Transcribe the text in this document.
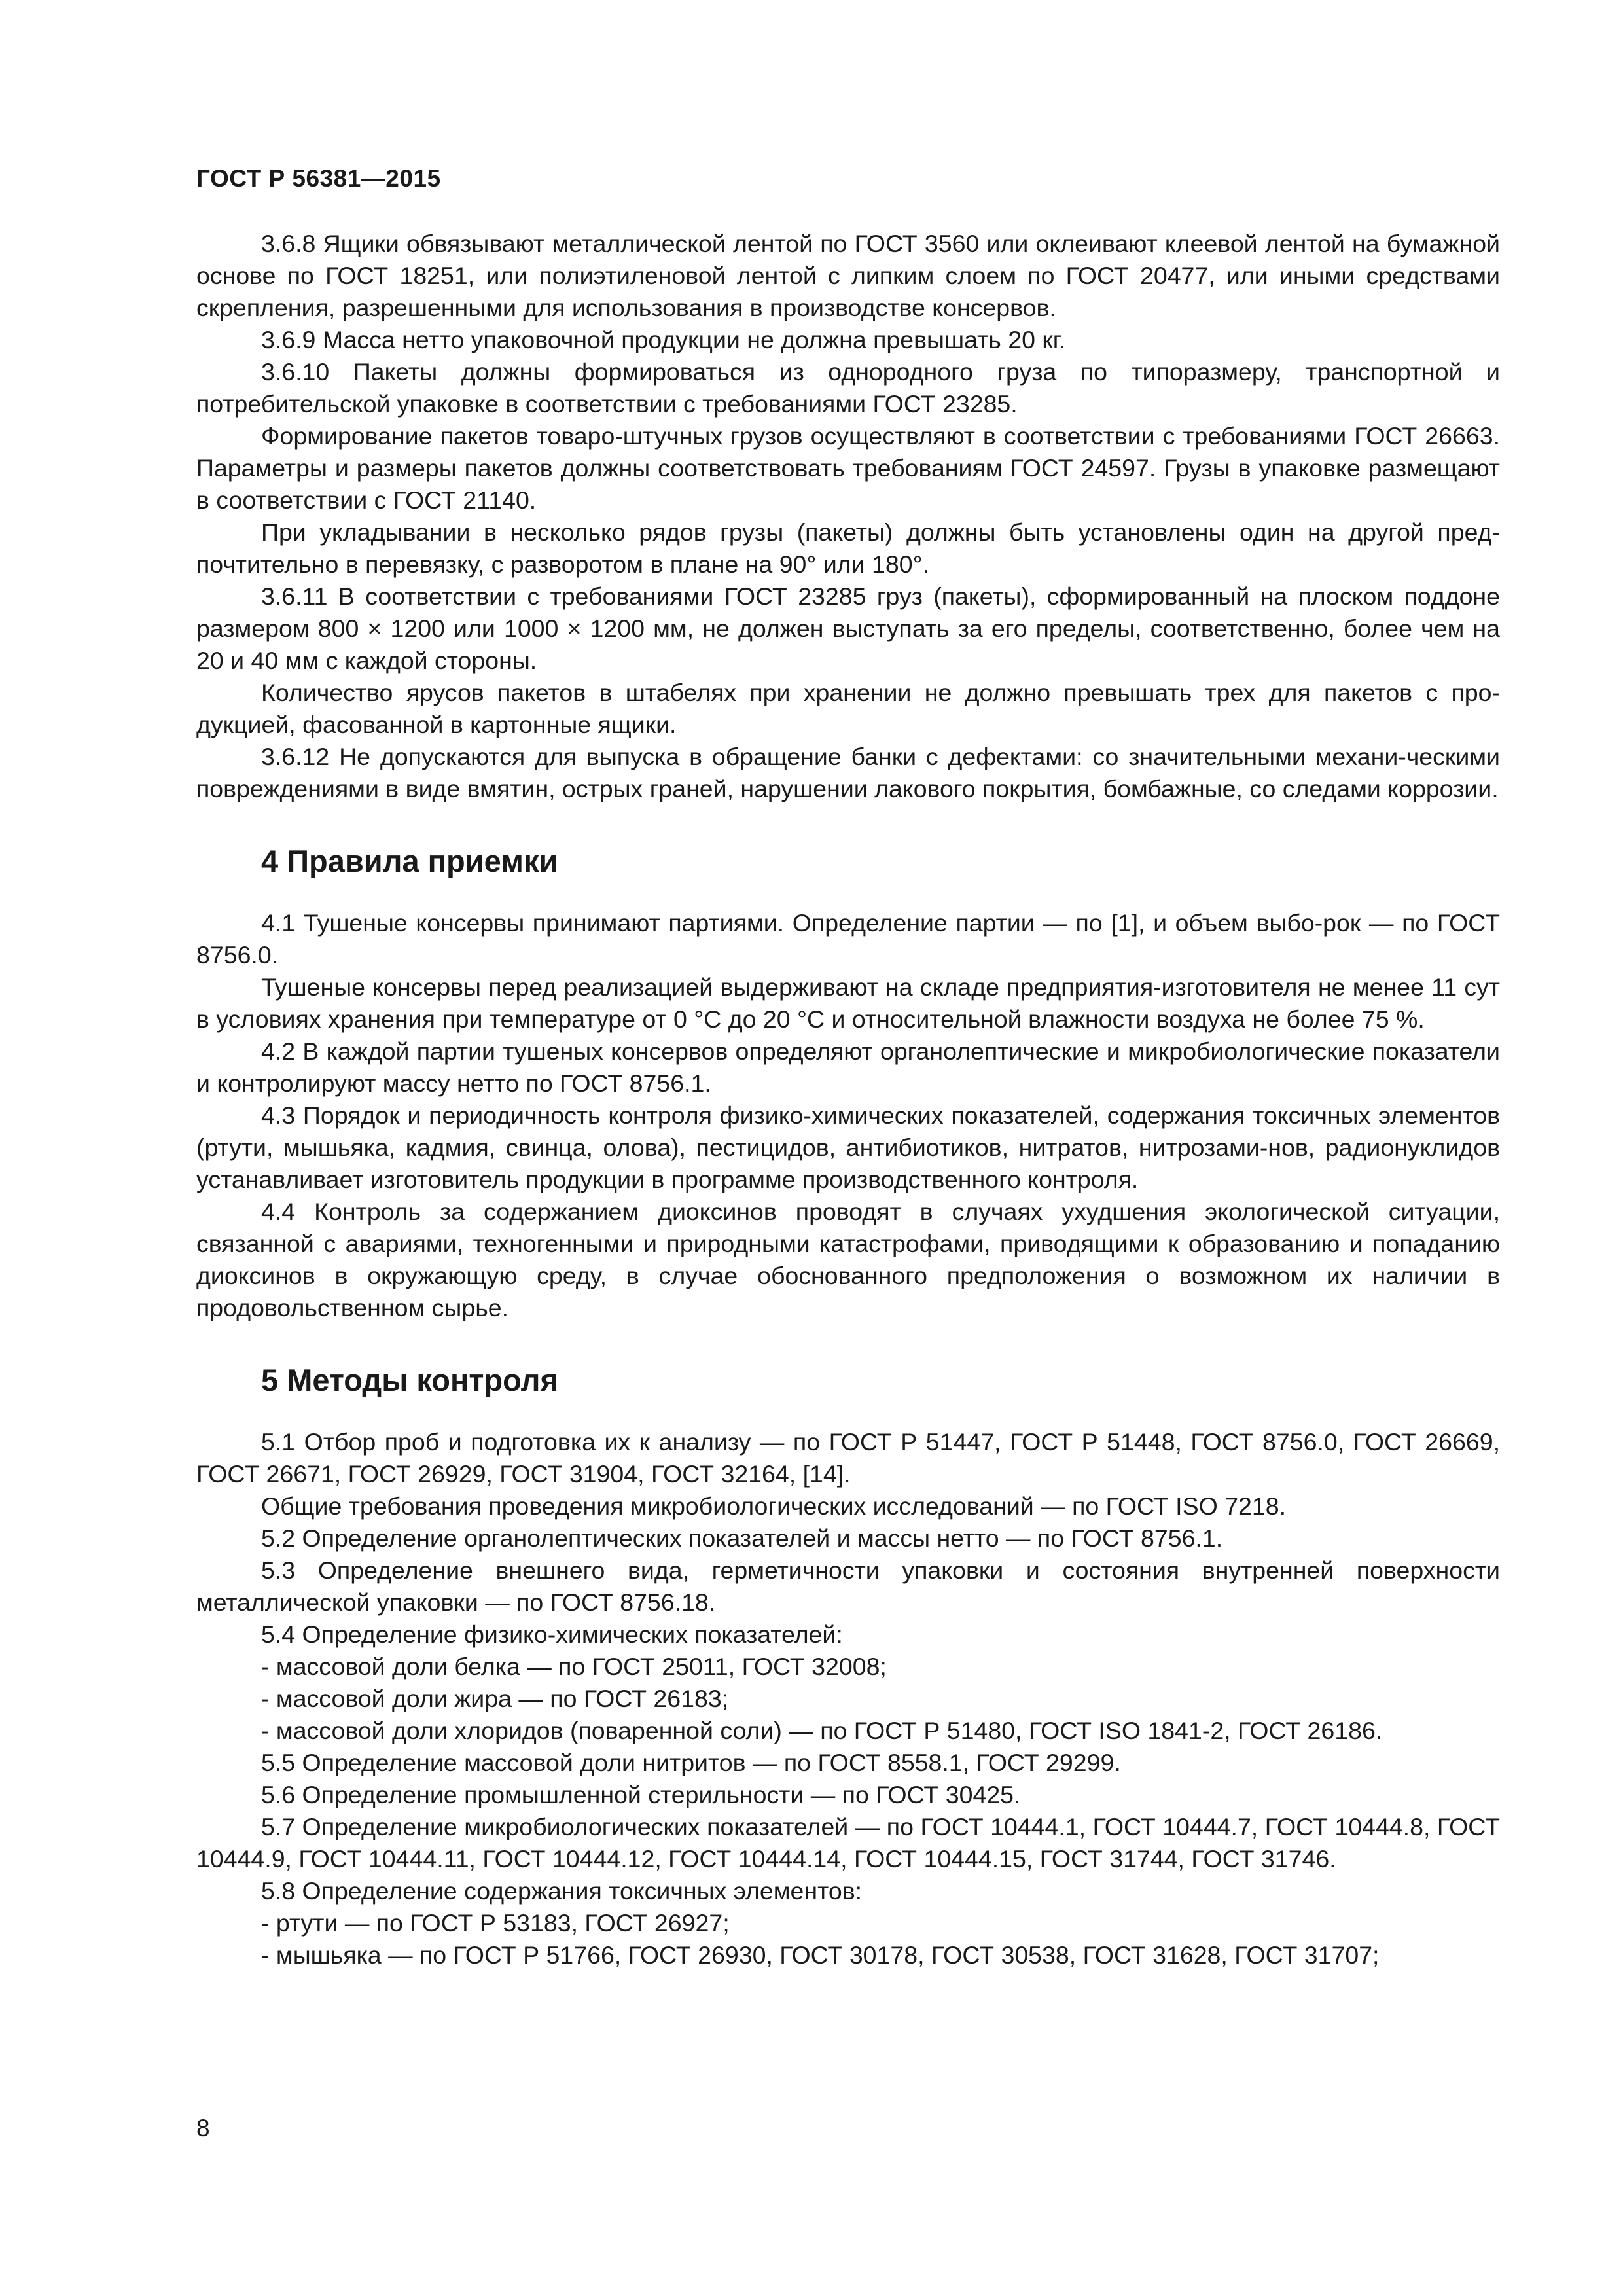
ГОСТ Р 56381—2015

3.6.8 Ящики обвязывают металлической лентой по ГОСТ 3560 или оклеивают клеевой лентой на бумажной основе по ГОСТ 18251, или полиэтиленовой лентой с липким слоем по ГОСТ 20477, или иными средствами скрепления, разрешенными для использования в производстве консервов.

3.6.9 Масса нетто упаковочной продукции не должна превышать 20 кг.

3.6.10 Пакеты должны формироваться из однородного груза по типоразмеру, транспортной и потребительской упаковке в соответствии с требованиями ГОСТ 23285.

Формирование пакетов товаро-штучных грузов осуществляют в соответствии с требованиями ГОСТ 26663. Параметры и размеры пакетов должны соответствовать требованиям ГОСТ 24597. Грузы в упаковке размещают в соответствии с ГОСТ 21140.

При укладывании в несколько рядов грузы (пакеты) должны быть установлены один на другой пред-почтительно в перевязку, с разворотом в плане на 90° или 180°.

3.6.11 В соответствии с требованиями ГОСТ 23285 груз (пакеты), сформированный на плоском поддоне размером 800 × 1200 или 1000 × 1200 мм, не должен выступать за его пределы, соответственно, более чем на 20 и 40 мм с каждой стороны.

Количество ярусов пакетов в штабелях при хранении не должно превышать трех для пакетов с про-дукцией, фасованной в картонные ящики.

3.6.12 Не допускаются для выпуска в обращение банки с дефектами: со значительными механи-ческими повреждениями в виде вмятин, острых граней, нарушении лакового покрытия, бомбажные, со следами коррозии.

4 Правила приемки

4.1 Тушеные консервы принимают партиями. Определение партии — по [1], и объем выбо-рок — по ГОСТ 8756.0.

Тушеные консервы перед реализацией выдерживают на складе предприятия-изготовителя не менее 11 сут в условиях хранения при температуре от 0 °С до 20 °С и относительной влажности воздуха не более 75 %.

4.2 В каждой партии тушеных консервов определяют органолептические и микробиологические показатели и контролируют массу нетто по ГОСТ 8756.1.

4.3 Порядок и периодичность контроля физико-химических показателей, содержания токсичных элементов (ртути, мышьяка, кадмия, свинца, олова), пестицидов, антибиотиков, нитратов, нитрозами-нов, радионуклидов устанавливает изготовитель продукции в программе производственного контроля.

4.4 Контроль за содержанием диоксинов проводят в случаях ухудшения экологической ситуации, связанной с авариями, техногенными и природными катастрофами, приводящими к образованию и попаданию диоксинов в окружающую среду, в случае обоснованного предположения о возможном их наличии в продовольственном сырье.

5 Методы контроля

5.1 Отбор проб и подготовка их к анализу — по ГОСТ Р 51447, ГОСТ Р 51448, ГОСТ 8756.0, ГОСТ 26669, ГОСТ 26671, ГОСТ 26929, ГОСТ 31904, ГОСТ 32164, [14].

Общие требования проведения микробиологических исследований — по ГОСТ ISO 7218.

5.2 Определение органолептических показателей и массы нетто — по ГОСТ 8756.1.

5.3 Определение внешнего вида, герметичности упаковки и состояния внутренней поверхности металлической упаковки — по ГОСТ 8756.18.

5.4 Определение физико-химических показателей:

- массовой доли белка — по ГОСТ 25011, ГОСТ 32008;

- массовой доли жира — по ГОСТ 26183;

- массовой доли хлоридов (поваренной соли) — по ГОСТ Р 51480, ГОСТ ISO 1841-2, ГОСТ 26186.

5.5 Определение массовой доли нитритов — по ГОСТ 8558.1, ГОСТ 29299.

5.6 Определение промышленной стерильности — по ГОСТ 30425.

5.7 Определение микробиологических показателей — по ГОСТ 10444.1, ГОСТ 10444.7, ГОСТ 10444.8, ГОСТ 10444.9, ГОСТ 10444.11, ГОСТ 10444.12, ГОСТ 10444.14, ГОСТ 10444.15, ГОСТ 31744, ГОСТ 31746.

5.8 Определение содержания токсичных элементов:

- ртути — по ГОСТ Р 53183, ГОСТ 26927;

- мышьяка — по ГОСТ Р 51766, ГОСТ 26930, ГОСТ 30178, ГОСТ 30538, ГОСТ 31628, ГОСТ 31707;

8
